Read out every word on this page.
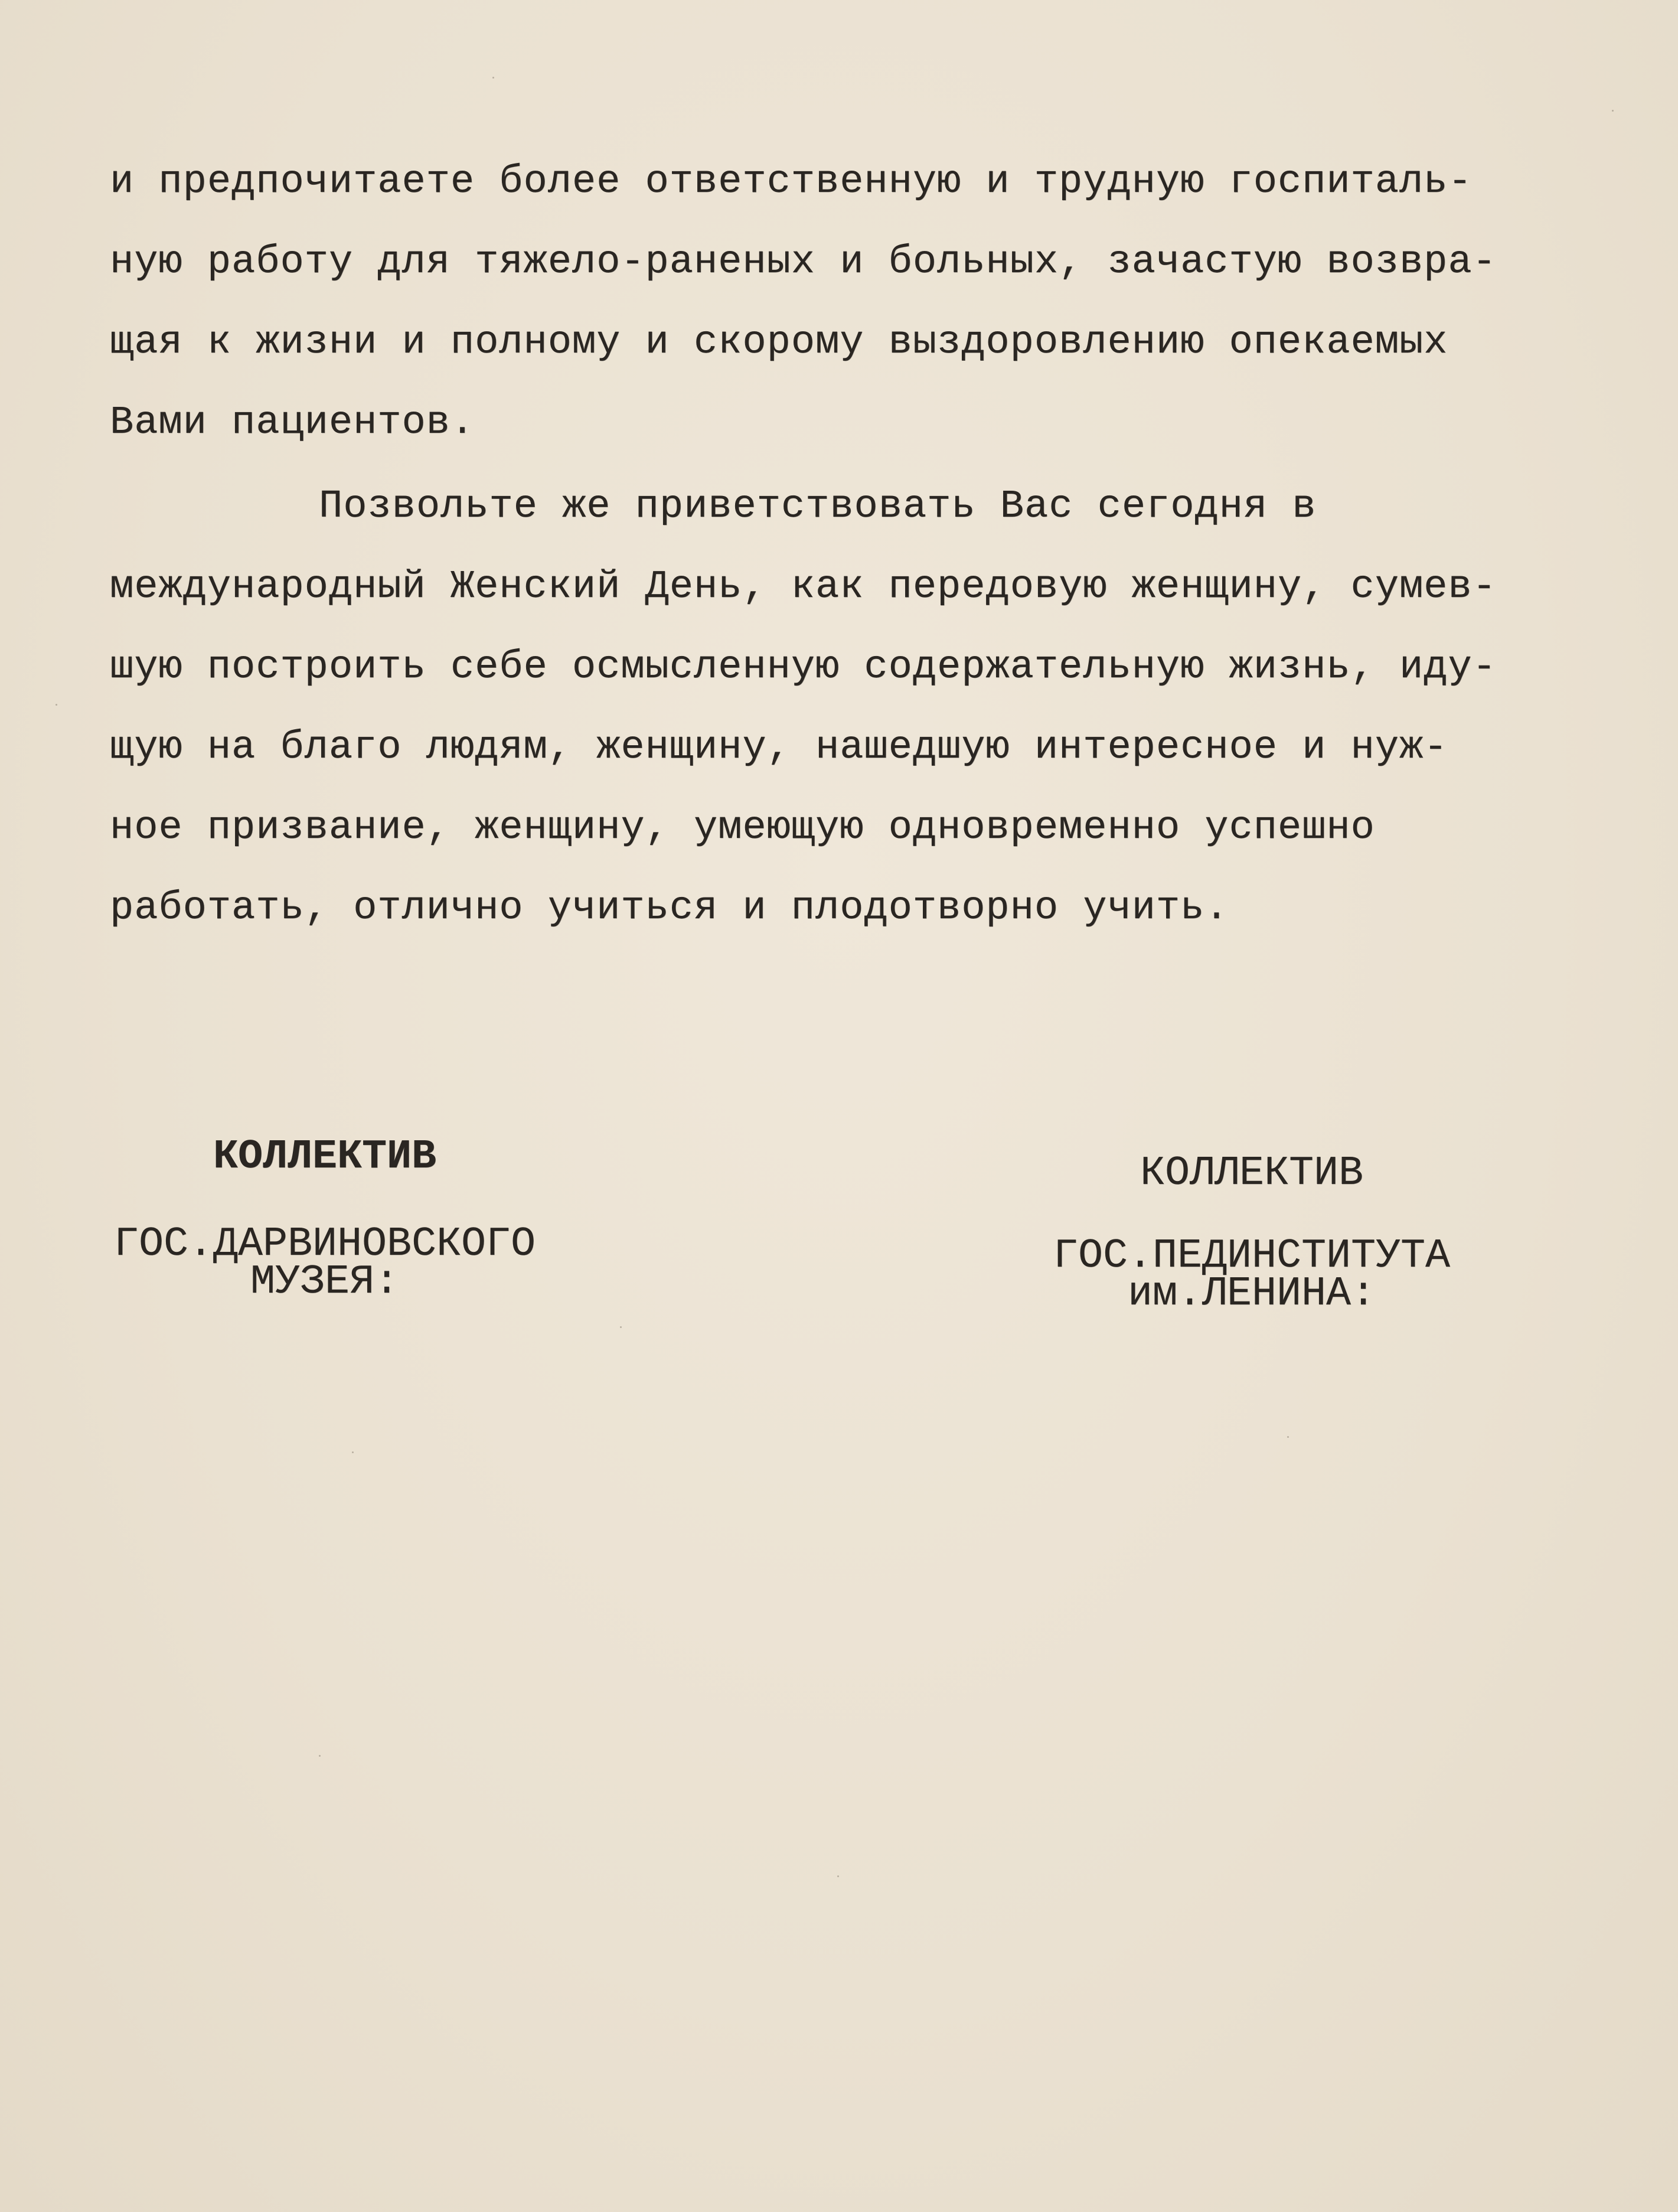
и предпочитаете более ответственную и трудную госпиталь-

ную работу для тяжело-раненых и больных, зачастую возвра-

щая к жизни и полному и скорому выздоровлению опекаемых

Вами пациентов.

Позвольте же приветствовать Вас сегодня в

международный Женский День, как передовую женщину, сумев-

шую построить себе осмысленную содержательную жизнь, иду-

щую на благо людям, женщину, нашедшую интересное и нуж-

ное призвание, женщину, умеющую одновременно успешно

работать, отлично учиться и плодотворно учить.

КОЛЛЕКТИВ

ГОС.ДАРВИНОВСКОГО

МУЗЕЯ:

КОЛЛЕКТИВ

ГОС.ПЕДИНСТИТУТА

им.ЛЕНИНА:
